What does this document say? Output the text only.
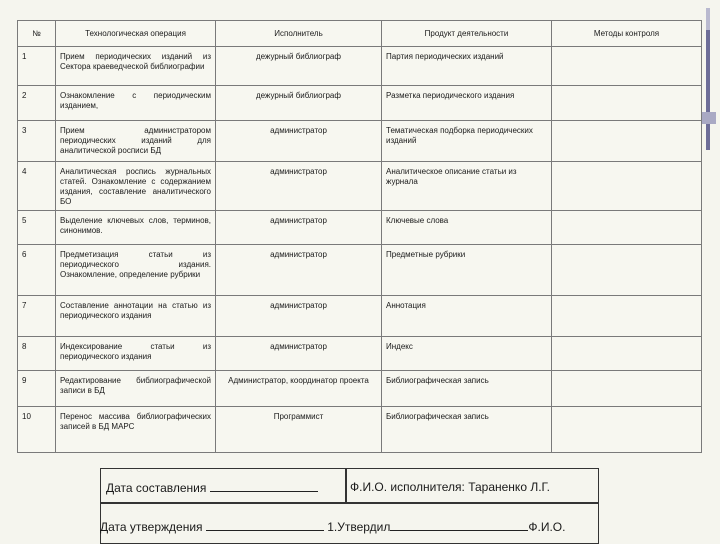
№	Технологическая операция	Исполнитель	Продукт деятельности	Методы контроля
1	Прием периодических изданий из Сектора краеведческой библиографии	дежурный библиограф	Партия периодических изданий	
2	Ознакомление с периодическим изданием,	дежурный библиограф	Разметка периодического издания	
3	Прием администратором периодических изданий для аналитической росписи БД	администратор	Тематическая подборка периодических изданий	
4	Аналитическая роспись журнальных статей. Ознакомление с содержанием издания, составление аналитического БО	администратор	Аналитическое описание статьи из журнала	
5	Выделение ключевых слов, терминов, синонимов.	администратор	Ключевые слова	
6	Предметизация статьи из периодического издания. Ознакомление, определение рубрики	администратор	Предметные рубрики	
7	Составление аннотации на статью из периодического издания	администратор	Аннотация	
8	Индексирование статьи из периодического издания	администратор	Индекс	
9	Редактирование библиографической записи в БД	Администратор, координатор проекта	Библиографическая запись	
10	Перенос массива библиографических записей в БД МАРС	Программист	Библиографическая запись	
Дата составления	Ф.И.О. исполнителя: Тараненко Л.Г.
Дата утверждения	1.Утвердил	Ф.И.О.
